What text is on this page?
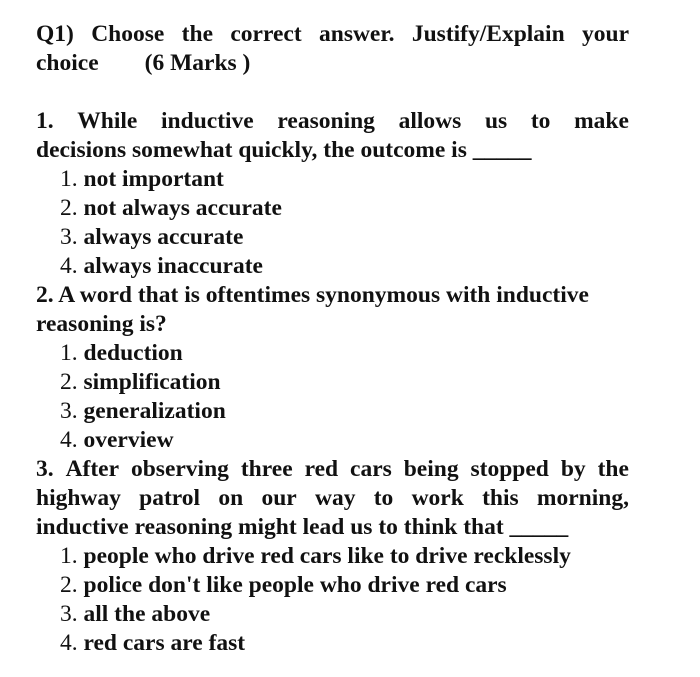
Q1) Choose the correct answer. Justify/Explain your
choice (6 Marks )
1. While inductive reasoning allows us to make
decisions somewhat quickly, the outcome is _____
1. not important
2. not always accurate
3. always accurate
4. always inaccurate
2. A word that is oftentimes synonymous with inductive
reasoning is?
1. deduction
2. simplification
3. generalization
4. overview
3. After observing three red cars being stopped by the
highway patrol on our way to work this morning,
inductive reasoning might lead us to think that _____
1. people who drive red cars like to drive recklessly
2. police don't like people who drive red cars
3. all the above
4. red cars are fast
